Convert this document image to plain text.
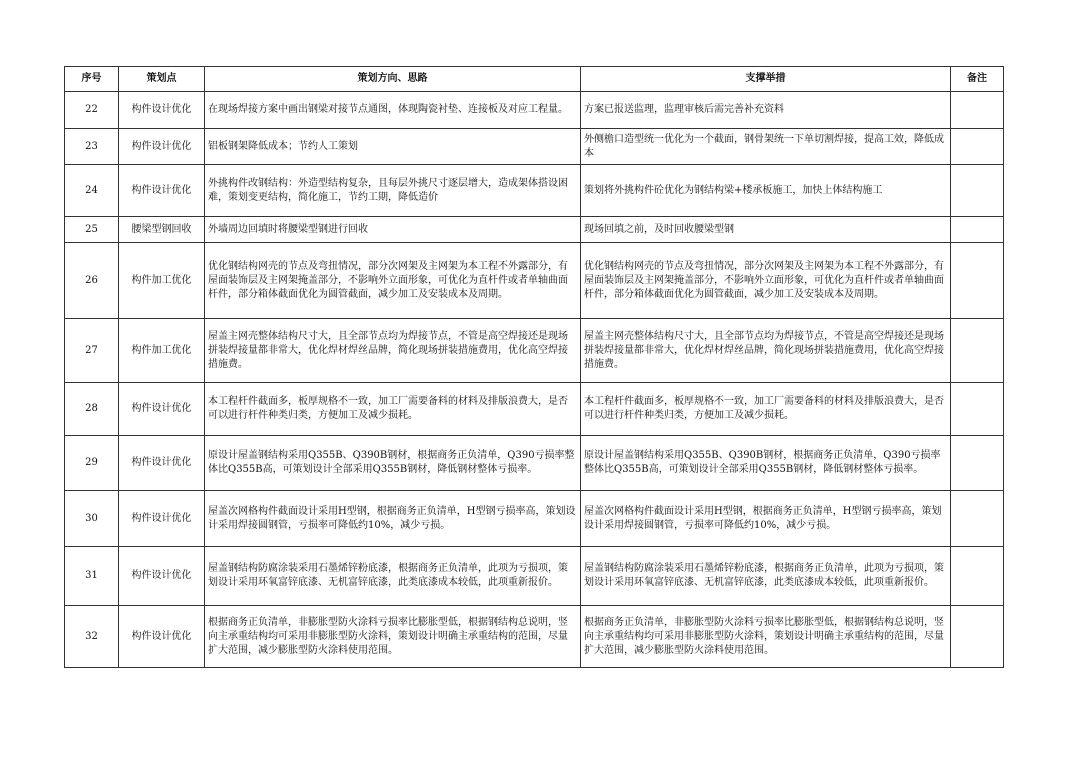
序号	策划点	策划方向、思路	支撑举措	备注
22	构件设计优化	在现场焊接方案中画出钢梁对接节点通图，体现陶瓷衬垫、连接板及对应工程量。	方案已报送监理，监理审核后需完善补充资料	
23	构件设计优化	铝板钢架降低成本；节约人工策划	外侧檐口造型统一优化为一个截面，钢骨架统一下单切割焊接，提高工效，降低成本	
24	构件设计优化	外挑构件改钢结构：外造型结构复杂，且每层外挑尺寸逐层增大，造成架体搭设困难，策划变更结构，简化施工，节约工期，降低造价	策划将外挑构件砼优化为钢结构梁+楼承板施工，加快上体结构施工	
25	腰梁型钢回收	外墙周边回填时将腰梁型钢进行回收	现场回填之前，及时回收腰梁型钢	
26	构件加工优化	优化钢结构网壳的节点及弯扭情况，部分次网架及主网架为本工程不外露部分，有屋面装饰层及主网架掩盖部分，不影响外立面形象，可优化为直杆件或者单轴曲面杆件，部分箱体截面优化为圆管截面，减少加工及安装成本及周期。	优化钢结构网壳的节点及弯扭情况，部分次网架及主网架为本工程不外露部分，有屋面装饰层及主网架掩盖部分，不影响外立面形象，可优化为直杆件或者单轴曲面杆件，部分箱体截面优化为圆管截面，减少加工及安装成本及周期。	
27	构件加工优化	屋盖主网壳整体结构尺寸大，且全部节点均为焊接节点，不管是高空焊接还是现场拼装焊接量都非常大，优化焊材焊丝品牌，简化现场拼装措施费用，优化高空焊接措施费。	屋盖主网壳整体结构尺寸大，且全部节点均为焊接节点，不管是高空焊接还是现场拼装焊接量都非常大，优化焊材焊丝品牌，简化现场拼装措施费用，优化高空焊接措施费。	
28	构件设计优化	本工程杆件截面多，板厚规格不一致，加工厂需要备料的材料及排版浪费大，是否可以进行杆件种类归类，方便加工及减少损耗。	本工程杆件截面多，板厚规格不一致，加工厂需要备料的材料及排版浪费大，是否可以进行杆件种类归类，方便加工及减少损耗。	
29	构件设计优化	原设计屋盖钢结构采用Q355B、Q390B钢材，根据商务正负清单，Q390亏损率整体比Q355B高，可策划设计全部采用Q355B钢材，降低钢材整体亏损率。	原设计屋盖钢结构采用Q355B、Q390B钢材，根据商务正负清单，Q390亏损率整体比Q355B高，可策划设计全部采用Q355B钢材，降低钢材整体亏损率。	
30	构件设计优化	屋盖次网格构件截面设计采用H型钢，根据商务正负清单，H型钢亏损率高，策划设计采用焊接圆钢管，亏损率可降低约10%，减少亏损。	屋盖次网格构件截面设计采用H型钢，根据商务正负清单，H型钢亏损率高，策划设计采用焊接圆钢管，亏损率可降低约10%，减少亏损。	
31	构件设计优化	屋盖钢结构防腐涂装采用石墨烯锌粉底漆，根据商务正负清单，此项为亏损项，策划设计采用环氧富锌底漆、无机富锌底漆，此类底漆成本较低，此项重新报价。	屋盖钢结构防腐涂装采用石墨烯锌粉底漆，根据商务正负清单，此项为亏损项，策划设计采用环氧富锌底漆、无机富锌底漆，此类底漆成本较低，此项重新报价。	
32	构件设计优化	根据商务正负清单，非膨胀型防火涂料亏损率比膨胀型低，根据钢结构总说明，竖向主承重结构均可采用非膨胀型防火涂料，策划设计明确主承重结构的范围，尽量扩大范围，减少膨胀型防火涂料使用范围。	根据商务正负清单，非膨胀型防火涂料亏损率比膨胀型低，根据钢结构总说明，竖向主承重结构均可采用非膨胀型防火涂料，策划设计明确主承重结构的范围，尽量扩大范围，减少膨胀型防火涂料使用范围。	
